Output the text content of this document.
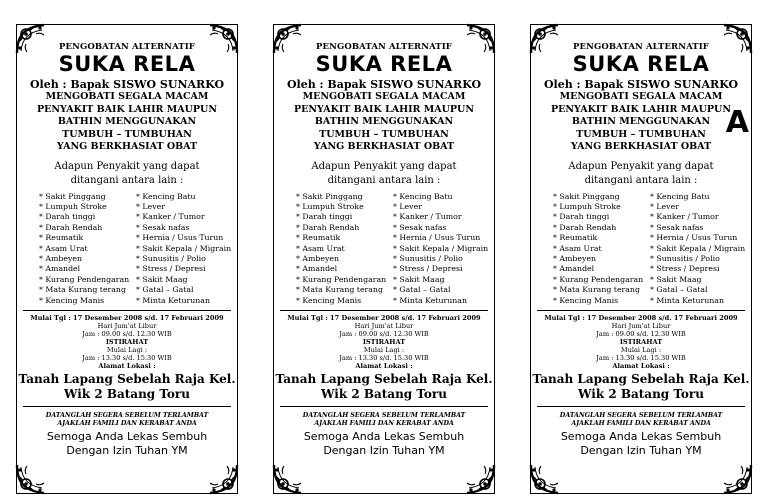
PENGOBATAN ALTERNATIF
SUKA RELA
Oleh : Bapak SISWO SUNARKO
MENGOBATI SEGALA MACAM
PENYAKIT BAIK LAHIR MAUPUN
BATHIN MENGGUNAKAN
TUMBUH – TUMBUHAN
YANG BERKHASIAT OBAT
Adapun Penyakit yang dapat
ditangani antara lain :
* Sakit Pinggang
* Lumpuh Stroke
* Darah tinggi
* Darah Rendah
* Reumatik
* Asam Urat
* Ambeyen
* Amandel
* Kurang Pendengaran
* Mata Kurang terang
* Kencing Manis
* Kencing Batu
* Lever
* Kanker / Tumor
* Sesak nafas
* Hernia / Usus Turun
* Sakit Kepala / Migrain
* Sunusitis / Polio
* Stress / Depresi
* Sakit Maag
* Gatal – Gatal
* Minta Keturunan
Mulai Tgl : 17 Desember 2008 s/d. 17 Februari 2009
Hari Jum'at Libur
Jam : 09.00 s/d. 12.30 WIB
ISTIRAHAT
Mulai Lagi :
Jam : 13.30 s/d. 15.30 WIB
Alamat Lokasi :
Tanah Lapang Sebelah Raja Kel.
Wik 2 Batang Toru
DATANGLAH SEGERA SEBELUM TERLAMBAT
AJAKLAH FAMILI DAN KERABAT ANDA
Semoga Anda Lekas Sembuh
Dengan Izin Tuhan YM
PENGOBATAN ALTERNATIF
SUKA RELA
Oleh : Bapak SISWO SUNARKO
MENGOBATI SEGALA MACAM
PENYAKIT BAIK LAHIR MAUPUN
BATHIN MENGGUNAKAN
TUMBUH – TUMBUHAN
YANG BERKHASIAT OBAT
Adapun Penyakit yang dapat
ditangani antara lain :
* Sakit Pinggang
* Lumpuh Stroke
* Darah tinggi
* Darah Rendah
* Reumatik
* Asam Urat
* Ambeyen
* Amandel
* Kurang Pendengaran
* Mata Kurang terang
* Kencing Manis
* Kencing Batu
* Lever
* Kanker / Tumor
* Sesak nafas
* Hernia / Usus Turun
* Sakit Kepala / Migrain
* Sunusitis / Polio
* Stress / Depresi
* Sakit Maag
* Gatal – Gatal
* Minta Keturunan
Mulai Tgl : 17 Desember 2008 s/d. 17 Februari 2009
Hari Jum'at Libur
Jam : 09.00 s/d. 12.30 WIB
ISTIRAHAT
Mulai Lagi :
Jam : 13.30 s/d. 15.30 WIB
Alamat Lokasi :
Tanah Lapang Sebelah Raja Kel.
Wik 2 Batang Toru
DATANGLAH SEGERA SEBELUM TERLAMBAT
AJAKLAH FAMILI DAN KERABAT ANDA
Semoga Anda Lekas Sembuh
Dengan Izin Tuhan YM
PENGOBATAN ALTERNATIF
SUKA RELA
Oleh : Bapak SISWO SUNARKO
MENGOBATI SEGALA MACAM
PENYAKIT BAIK LAHIR MAUPUN
BATHIN MENGGUNAKAN
TUMBUH – TUMBUHAN
YANG BERKHASIAT OBAT
Adapun Penyakit yang dapat
ditangani antara lain :
* Sakit Pinggang
* Lumpuh Stroke
* Darah tinggi
* Darah Rendah
* Reumatik
* Asam Urat
* Ambeyen
* Amandel
* Kurang Pendengaran
* Mata Kurang terang
* Kencing Manis
* Kencing Batu
* Lever
* Kanker / Tumor
* Sesak nafas
* Hernia / Usus Turun
* Sakit Kepala / Migrain
* Sunusitis / Polio
* Stress / Depresi
* Sakit Maag
* Gatal – Gatal
* Minta Keturunan
Mulai Tgl : 17 Desember 2008 s/d. 17 Februari 2009
Hari Jum'at Libur
Jam : 09.00 s/d. 12.30 WIB
ISTIRAHAT
Mulai Lagi :
Jam : 13.30 s/d. 15.30 WIB
Alamat Lokasi :
Tanah Lapang Sebelah Raja Kel.
Wik 2 Batang Toru
DATANGLAH SEGERA SEBELUM TERLAMBAT
AJAKLAH FAMILI DAN KERABAT ANDA
Semoga Anda Lekas Sembuh
Dengan Izin Tuhan YM
A
